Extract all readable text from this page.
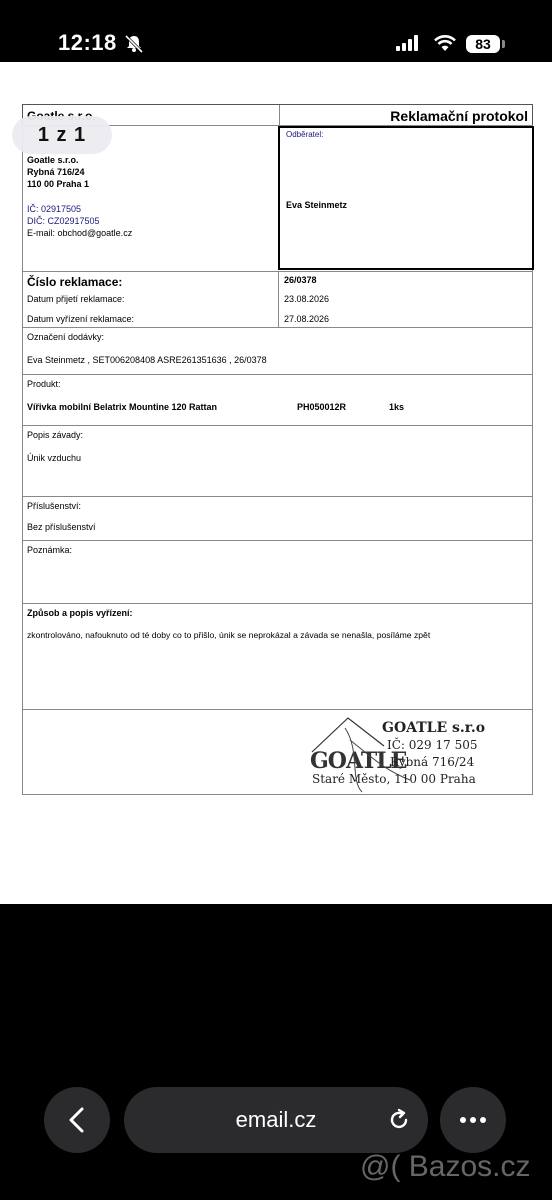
12:18	83
Reklamační protokol
Goatle s.r.o.
Rybná 716/24
110 00 Praha 1
IČ: 02917505
DIČ: CZ02917505
E-mail: obchod@goatle.cz
Odběratel:
Eva Steinmetz
Číslo reklamace:	26/0378
Datum přijetí reklamace:	23.08.2026
Datum vyřízení reklamace:	27.08.2026
Označení dodávky:
Eva Steinmetz , SET006208408 ASRE261351636 , 26/0378
Produkt:
Vířivka mobilní Belatrix Mountine 120 Rattan	PH050012R	1ks
Popis závady:
Únik vzduchu
Příslušenství:
Bez příslušenství
Poznámka:
Způsob a popis vyřízení:
zkontrolováno, nafouknuto od té doby co to přišlo, únik se neprokázal a závada se nenašla, posíláme zpět
1 z 1
GOATLE
GOATLE s.r.o
IČ: 029 17 505
Rybná 716/24
Staré Město, 110 00 Praha
email.cz
@( Bazos.cz
